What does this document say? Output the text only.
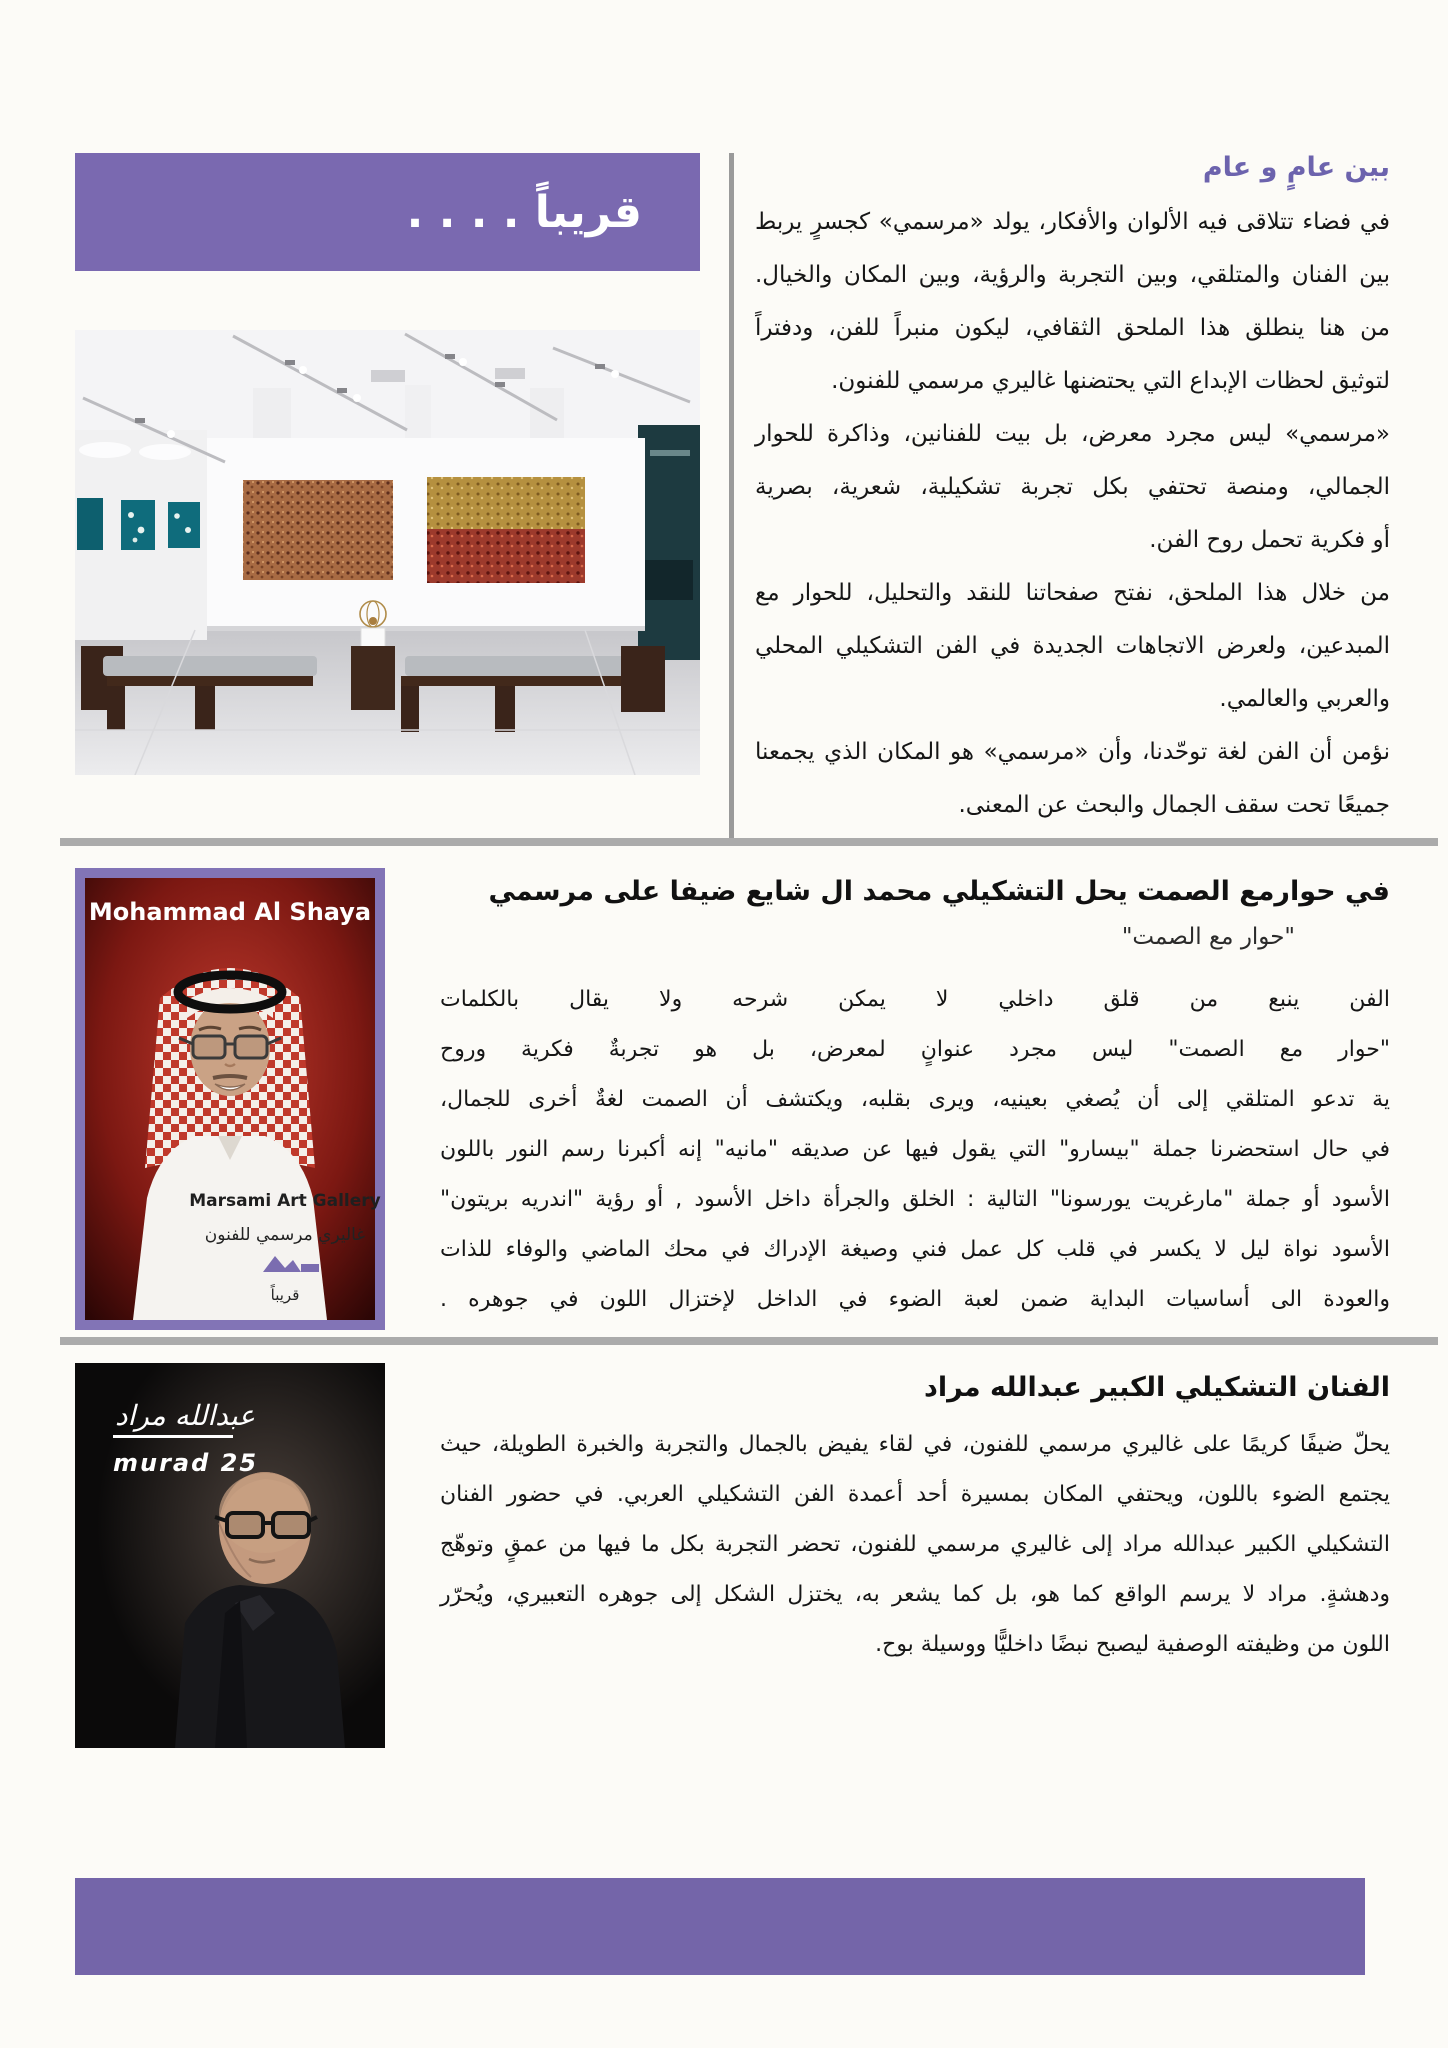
قريباً . . . .
بين عامٍ و عام
في فضاء تتلاقى فيه الألوان والأفكار، يولد «مرسمي» كجسرٍ يربط
بين الفنان والمتلقي، وبين التجربة والرؤية، وبين المكان والخيال.
من هنا ينطلق هذا الملحق الثقافي، ليكون منبراً للفن، ودفتراً
لتوثيق لحظات الإبداع التي يحتضنها غاليري مرسمي للفنون.
«مرسمي» ليس مجرد معرض، بل بيت للفنانين، وذاكرة للحوار
الجمالي، ومنصة تحتفي بكل تجربة تشكيلية، شعرية، بصرية
أو فكرية تحمل روح الفن.
من خلال هذا الملحق، نفتح صفحاتنا للنقد والتحليل، للحوار مع
المبدعين، ولعرض الاتجاهات الجديدة في الفن التشكيلي المحلي
والعربي والعالمي.
نؤمن أن الفن لغة توحّدنا، وأن «مرسمي» هو المكان الذي يجمعنا
جميعًا تحت سقف الجمال والبحث عن المعنى.
Mohammad Al Shaya
Marsami Art Gallery
غاليري مرسمي للفنون
قريباً
في حوارمع الصمت يحل التشكيلي محمد ال شايع ضيفا على مرسمي
"حوار مع الصمت"
الفن ينبع من قلق داخلي لا يمكن شرحه ولا يقال بالكلمات
"حوار مع الصمت" ليس مجرد عنوانٍ لمعرض، بل هو تجربةٌ فكرية وروح
ية تدعو المتلقي إلى أن يُصغي بعينيه، ويرى بقلبه، ويكتشف أن الصمت لغةٌ أخرى للجمال،
في حال استحضرنا جملة "بيسارو" التي يقول فيها عن صديقه "مانيه" إنه أكبرنا رسم النور باللون
الأسود أو جملة "مارغريت يورسونا" التالية : الخلق والجرأة داخل الأسود , أو رؤية "اندريه بريتون"
الأسود نواة ليل لا يكسر في قلب كل عمل فني وصيغة الإدراك في محك الماضي والوفاء للذات
والعودة الى أساسيات البداية ضمن لعبة الضوء في الداخل لإختزال اللون في جوهره .
عبدالله مراد
murad 25
الفنان التشكيلي الكبير عبدالله مراد
يحلّ ضيفًا كريمًا على غاليري مرسمي للفنون، في لقاء يفيض بالجمال والتجربة والخبرة الطويلة، حيث
يجتمع الضوء باللون، ويحتفي المكان بمسيرة أحد أعمدة الفن التشكيلي العربي. في حضور الفنان
التشكيلي الكبير عبدالله مراد إلى غاليري مرسمي للفنون، تحضر التجربة بكل ما فيها من عمقٍ وتوهّج
ودهشةٍ. مراد لا يرسم الواقع كما هو، بل كما يشعر به، يختزل الشكل إلى جوهره التعبيري، ويُحرّر
اللون من وظيفته الوصفية ليصبح نبضًا داخليًّا ووسيلة بوح.
